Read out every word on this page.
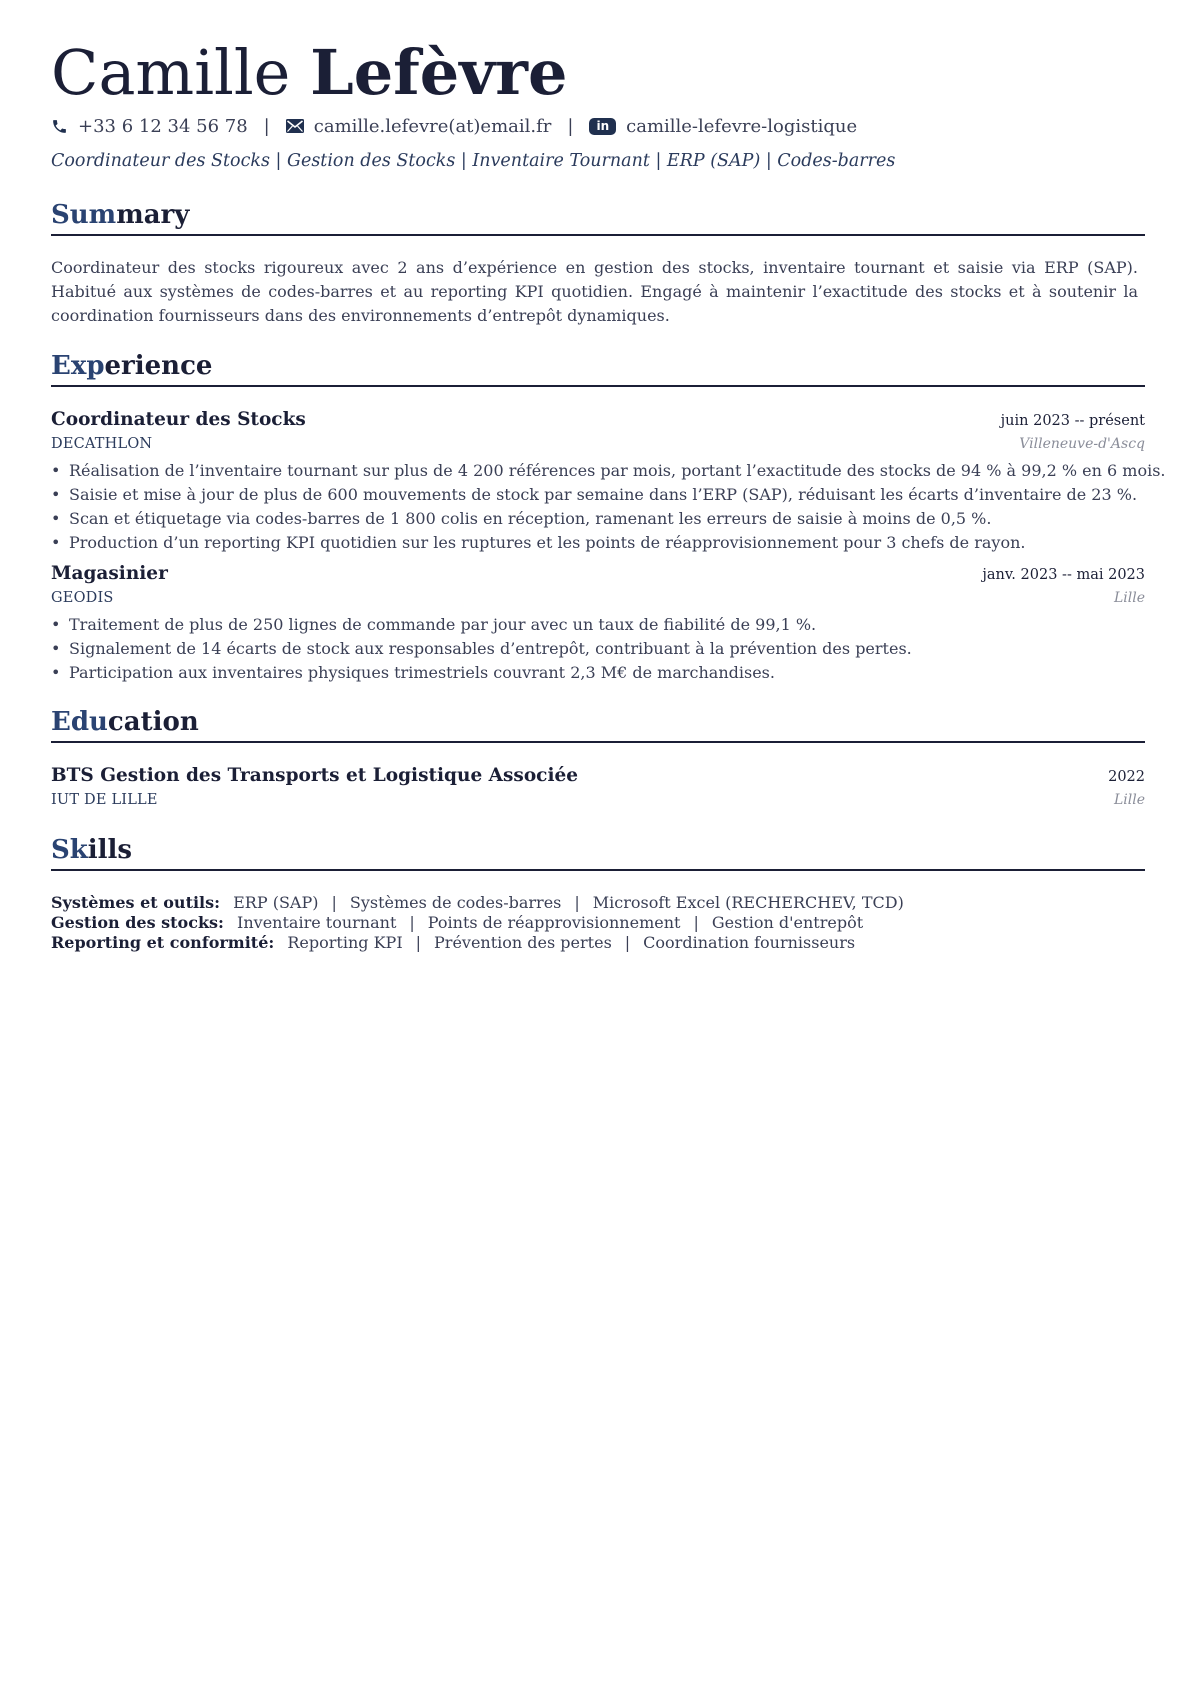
Camille Lefèvre
+33 6 12 34 56 78 | camille.lefevre(at)email.fr |	in camille-lefevre-logistique
Coordinateur des Stocks | Gestion des Stocks | Inventaire Tournant | ERP (SAP) | Codes-barres
Summary

Coordinateur des stocks rigoureux avec 2 ans d’expérience en gestion des stocks, inventaire tournant et saisie via ERP (SAP). Habitué aux systèmes de codes-barres et au reporting KPI quotidien. Engagé à maintenir l’exactitude des stocks et à soutenir la coordination fournisseurs dans des environnements d’entrepôt dynamiques.

Experience
Coordinateur des Stocks	juin 2023 -- présent
DECATHLON	Villeneuve-d'Ascq
• Réalisation de l’inventaire tournant sur plus de 4 200 références par mois, portant l’exactitude des stocks de 94 % à 99,2 % en 6 mois.
• Saisie et mise à jour de plus de 600 mouvements de stock par semaine dans l’ERP (SAP), réduisant les écarts d’inventaire de 23 %.
• Scan et étiquetage via codes-barres de 1 800 colis en réception, ramenant les erreurs de saisie à moins de 0,5 %.
• Production d’un reporting KPI quotidien sur les ruptures et les points de réapprovisionnement pour 3 chefs de rayon.
Magasinier	janv. 2023 -- mai 2023
GEODIS	Lille
• Traitement de plus de 250 lignes de commande par jour avec un taux de fiabilité de 99,1 %.
• Signalement de 14 écarts de stock aux responsables d’entrepôt, contribuant à la prévention des pertes.
• Participation aux inventaires physiques trimestriels couvrant 2,3 M€ de marchandises.
Education
BTS Gestion des Transports et Logistique Associée	2022
IUT DE LILLE	Lille
Skills
Systèmes et outils: ERP (SAP) | Systèmes de codes-barres | Microsoft Excel (RECHERCHEV, TCD)
Gestion des stocks: Inventaire tournant | Points de réapprovisionnement | Gestion d'entrepôt
Reporting et conformité: Reporting KPI | Prévention des pertes | Coordination fournisseurs
